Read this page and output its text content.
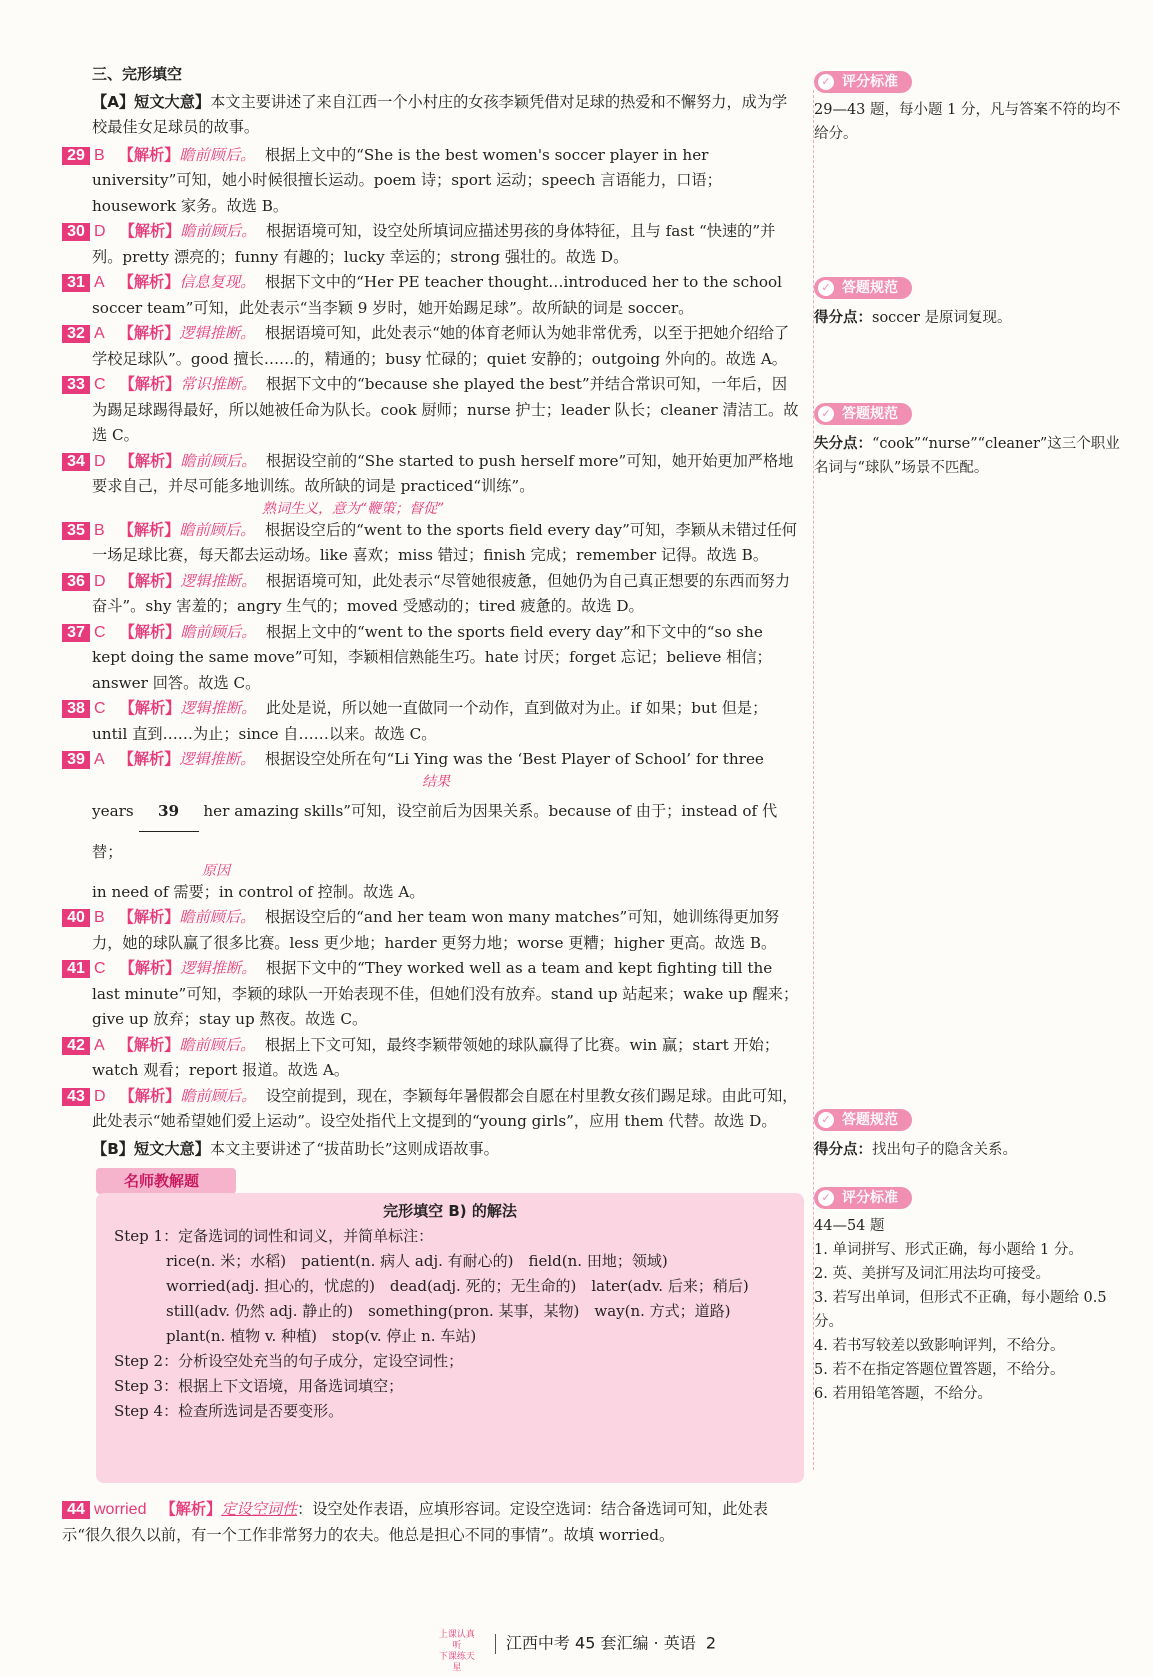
三、完形填空
【A】短文大意】本文主要讲述了来自江西一个小村庄的女孩李颖凭借对足球的热爱和不懈努力，成为学校最佳女足球员的故事。
29 B 【解析】瞻前顾后。 根据上文中的“She is the best women's soccer player in her university”可知，她小时候很擅长运动。poem 诗；sport 运动；speech 言语能力，口语；housework 家务。故选 B。
30 D 【解析】瞻前顾后。 根据语境可知，设空处所填词应描述男孩的身体特征，且与 fast “快速的”并列。pretty 漂亮的；funny 有趣的；lucky 幸运的；strong 强壮的。故选 D。
31 A 【解析】信息复现。 根据下文中的“Her PE teacher thought…introduced her to the school soccer team”可知，此处表示“当李颖 9 岁时，她开始踢足球”。故所缺的词是 soccer。
32 A 【解析】逻辑推断。 根据语境可知，此处表示“她的体育老师认为她非常优秀，以至于把她介绍给了学校足球队”。good 擅长……的，精通的；busy 忙碌的；quiet 安静的；outgoing 外向的。故选 A。
33 C 【解析】常识推断。 根据下文中的“because she played the best”并结合常识可知，一年后，因为踢足球踢得最好，所以她被任命为队长。cook 厨师；nurse 护士；leader 队长；cleaner 清洁工。故选 C。
34 D 【解析】瞻前顾后。 根据设空前的“She started to push herself more”可知，她开始更加严格地要求自己，并尽可能多地训练。故所缺的词是 practiced“训练”。
熟词生义，意为“鞭策；督促”
35 B 【解析】瞻前顾后。 根据设空后的“went to the sports field every day”可知，李颖从未错过任何一场足球比赛，每天都去运动场。like 喜欢；miss 错过；finish 完成；remember 记得。故选 B。
36 D 【解析】逻辑推断。 根据语境可知，此处表示“尽管她很疲惫，但她仍为自己真正想要的东西而努力奋斗”。shy 害羞的；angry 生气的；moved 受感动的；tired 疲惫的。故选 D。
37 C 【解析】瞻前顾后。 根据上文中的“went to the sports field every day”和下文中的“so she kept doing the same move”可知，李颖相信熟能生巧。hate 讨厌；forget 忘记；believe 相信；answer 回答。故选 C。
38 C 【解析】逻辑推断。 此处是说，所以她一直做同一个动作，直到做对为止。if 如果；but 但是；until 直到……为止；since 自……以来。故选 C。
39 A 【解析】逻辑推断。 根据设空处所在句“Li Ying was the ‘Best Player of School’ for three
结果
years 39 her amazing skills”可知，设空前后为因果关系。because of 由于；instead of 代替；
原因
in need of 需要；in control of 控制。故选 A。
40 B 【解析】瞻前顾后。 根据设空后的“and her team won many matches”可知，她训练得更加努力，她的球队赢了很多比赛。less 更少地；harder 更努力地；worse 更糟；higher 更高。故选 B。
41 C 【解析】逻辑推断。 根据下文中的“They worked well as a team and kept fighting till the last minute”可知，李颖的球队一开始表现不佳，但她们没有放弃。stand up 站起来；wake up 醒来；give up 放弃；stay up 熬夜。故选 C。
42 A 【解析】瞻前顾后。 根据上下文可知，最终李颖带领她的球队赢得了比赛。win 赢；start 开始；watch 观看；report 报道。故选 A。
43 D 【解析】瞻前顾后。 设空前提到，现在，李颖每年暑假都会自愿在村里教女孩们踢足球。由此可知，此处表示“她希望她们爱上运动”。设空处指代上文提到的“young girls”，应用 them 代替。故选 D。
【B】短文大意】本文主要讲述了“拔苗助长”这则成语故事。
名师教解题
完形填空 B) 的解法
Step 1：定备选词的词性和词义，并简单标注：
rice(n. 米；水稻)　patient(n. 病人 adj. 有耐心的)　field(n. 田地；领域)
worried(adj. 担心的，忧虑的)　dead(adj. 死的；无生命的)　later(adv. 后来；稍后)
still(adv. 仍然 adj. 静止的)　something(pron. 某事，某物)　way(n. 方式；道路)
plant(n. 植物 v. 种植)　stop(v. 停止 n. 车站)
Step 2：分析设空处充当的句子成分，定设空词性；
Step 3：根据上下文语境，用备选词填空；
Step 4：检查所选词是否要变形。
44 worried 【解析】定设空词性：设空处作表语，应填形容词。定设空选词：结合备选词可知，此处表示“很久很久以前，有一个工作非常努力的农夫。他总是担心不同的事情”。故填 worried。
✓ 评分标准
29—43 题，每小题 1 分，凡与答案不符的均不给分。
✓ 答题规范
得分点：soccer 是原词复现。
✓ 答题规范
失分点：“cook”“nurse”“cleaner”这三个职业名词与“球队”场景不匹配。
✓ 答题规范
得分点：找出句子的隐含关系。
✓ 评分标准
44—54 题
1. 单词拼写、形式正确，每小题给 1 分。
2. 英、美拼写及词汇用法均可接受。
3. 若写出单词，但形式不正确，每小题给 0.5 分。
4. 若书写较差以致影响评判，不给分。
5. 若不在指定答题位置答题，不给分。
6. 若用铅笔答题，不给分。
上课认真听
下课练天星江西中考 45 套汇编 · 英语 2
